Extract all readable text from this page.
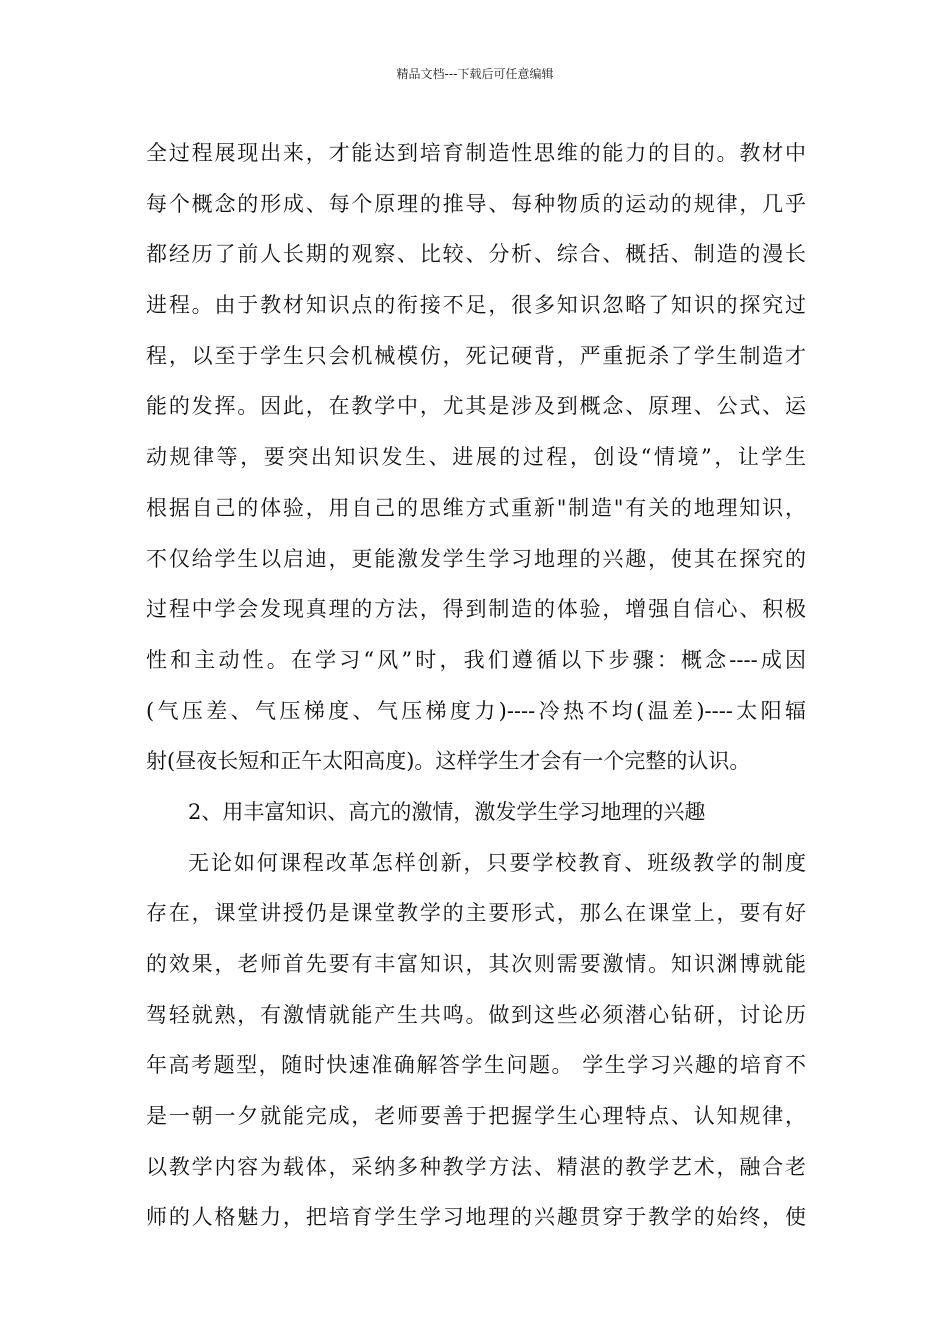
精品文档---下载后可任意编辑
全过程展现出来，才能达到培育制造性思维的能力的目的。教材中
每个概念的形成、每个原理的推导、每种物质的运动的规律，几乎
都经历了前人长期的观察、比较、分析、综合、概括、制造的漫长
进程。由于教材知识点的衔接不足，很多知识忽略了知识的探究过
程，以至于学生只会机械模仿，死记硬背，严重扼杀了学生制造才
能的发挥。因此，在教学中，尤其是涉及到概念、原理、公式、运
动规律等，要突出知识发生、进展的过程，创设“情境”，让学生
根据自己的体验，用自己的思维方式重新"制造"有关的地理知识，
不仅给学生以启迪，更能激发学生学习地理的兴趣，使其在探究的
过程中学会发现真理的方法，得到制造的体验，增强自信心、积极
性和主动性。在学习“风”时，我们遵循以下步骤：概念----成因
(气压差、气压梯度、气压梯度力)----冷热不均(温差)----太阳辐
射(昼夜长短和正午太阳高度)。这样学生才会有一个完整的认识。
2、用丰富知识、高亢的激情，激发学生学习地理的兴趣
无论如何课程改革怎样创新，只要学校教育、班级教学的制度
存在，课堂讲授仍是课堂教学的主要形式，那么在课堂上，要有好
的效果，老师首先要有丰富知识，其次则需要激情。知识渊博就能
驾轻就熟，有激情就能产生共鸣。做到这些必须潜心钻研，讨论历
年高考题型，随时快速准确解答学生问题。 学生学习兴趣的培育不
是一朝一夕就能完成，老师要善于把握学生心理特点、认知规律，
以教学内容为载体，采纳多种教学方法、精湛的教学艺术，融合老
师的人格魅力，把培育学生学习地理的兴趣贯穿于教学的始终，使
